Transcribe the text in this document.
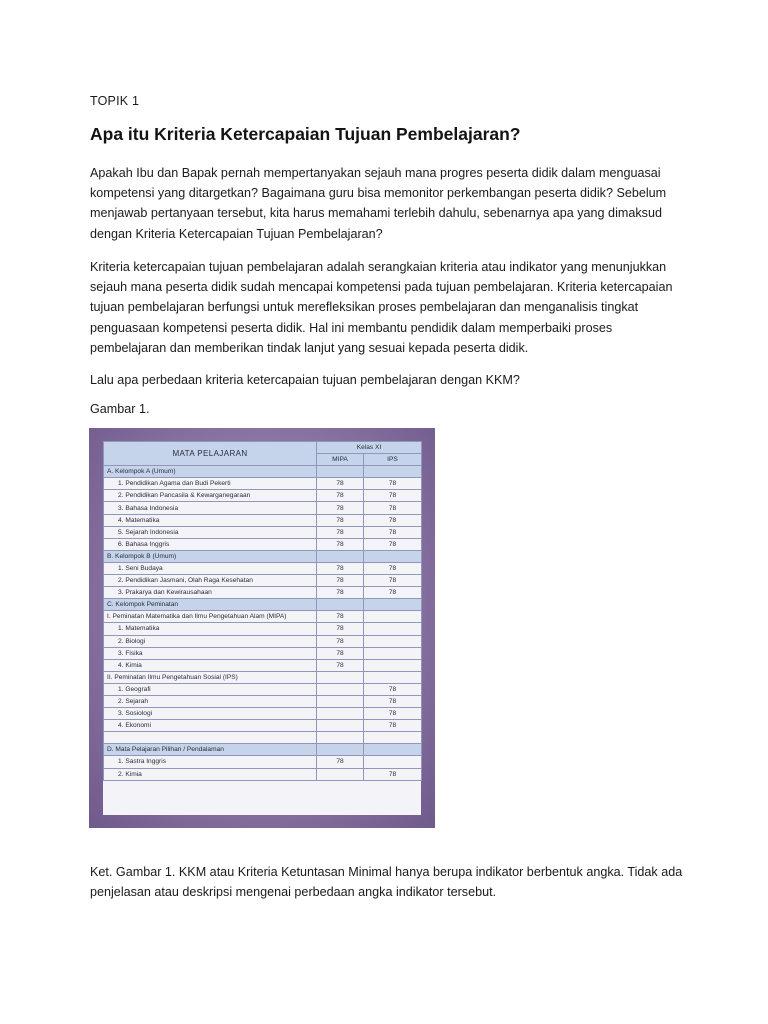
TOPIK 1
Apa itu Kriteria Ketercapaian Tujuan Pembelajaran?

Apakah Ibu dan Bapak pernah mempertanyakan sejauh mana progres peserta didik dalam menguasai kompetensi yang ditargetkan? Bagaimana guru bisa memonitor perkembangan peserta didik? Sebelum menjawab pertanyaan tersebut, kita harus memahami terlebih dahulu, sebenarnya apa yang dimaksud dengan Kriteria Ketercapaian Tujuan Pembelajaran?

Kriteria ketercapaian tujuan pembelajaran adalah serangkaian kriteria atau indikator yang menunjukkan sejauh mana peserta didik sudah mencapai kompetensi pada tujuan pembelajaran. Kriteria ketercapaian tujuan pembelajaran berfungsi untuk merefleksikan proses pembelajaran dan menganalisis tingkat penguasaan kompetensi peserta didik. Hal ini membantu pendidik dalam memperbaiki proses pembelajaran dan memberikan tindak lanjut yang sesuai kepada peserta didik.

Lalu apa perbedaan kriteria ketercapaian tujuan pembelajaran dengan KKM?

Gambar 1.
MATA PELAJARAN	Kelas XI	
	MIPA	IPS
A. Kelompok A (Umum)		
1. Pendidikan Agama dan Budi Pekerti	78	78
2. Pendidikan Pancasila & Kewarganegaraan	78	78
3. Bahasa Indonesia	78	78
4. Matematika	78	78
5. Sejarah Indonesia	78	78
6. Bahasa Inggris	78	78
B. Kelompok B (Umum)		
1. Seni Budaya	78	78
2. Pendidikan Jasmani, Olah Raga Kesehatan	78	78
3. Prakarya dan Kewirausahaan	78	78
C. Kelompok Peminatan		
I. Peminatan Matematika dan Ilmu Pengetahuan Alam (MIPA)	78	
1. Matematika	78	
2. Biologi	78	
3. Fisika	78	
4. Kimia	78	
II. Peminatan Ilmu Pengetahuan Sosial (IPS)		
1. Geografi		78
2. Sejarah		78
3. Sosiologi		78
4. Ekonomi		78

D. Mata Pelajaran Pilihan / Pendalaman		
1. Sastra Inggris	78	
2. Kimia		78

Ket. Gambar 1. KKM atau Kriteria Ketuntasan Minimal hanya berupa indikator berbentuk angka. Tidak ada penjelasan atau deskripsi mengenai perbedaan angka indikator tersebut.
